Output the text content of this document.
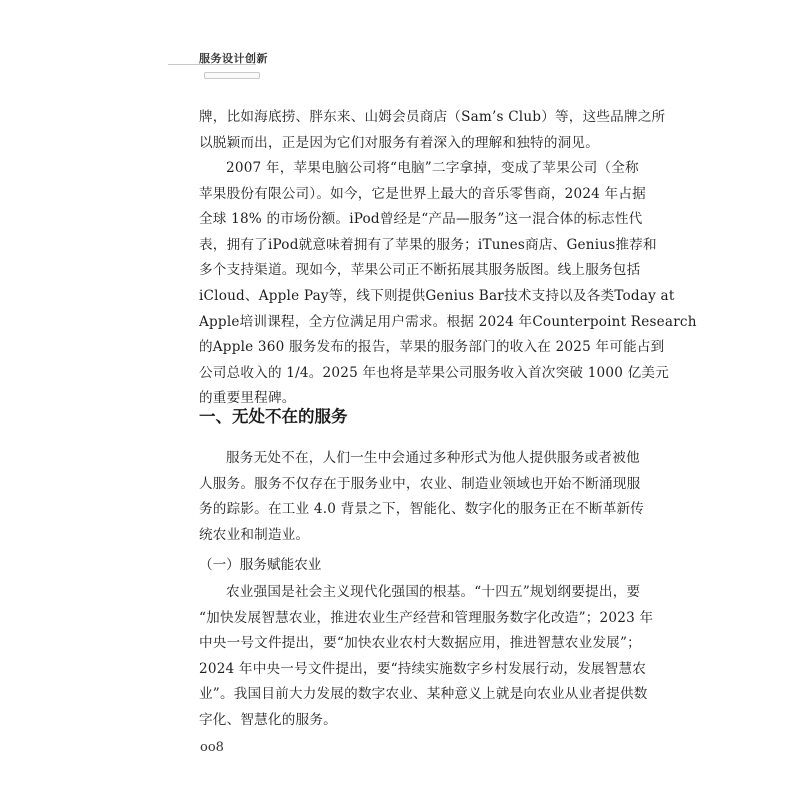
服务设计创新
牌，比如海底捞、胖东来、山姆会员商店（Sam’s Club）等，这些品牌之所
以脱颖而出，正是因为它们对服务有着深入的理解和独特的洞见。
2007 年，苹果电脑公司将“电脑”二字拿掉，变成了苹果公司（全称
苹果股份有限公司）。如今，它是世界上最大的音乐零售商，2024 年占据
全球 18% 的市场份额。iPod曾经是“产品—服务”这一混合体的标志性代
表，拥有了iPod就意味着拥有了苹果的服务；iTunes商店、Genius推荐和
多个支持渠道。现如今，苹果公司正不断拓展其服务版图。线上服务包括
iCloud、Apple Pay等，线下则提供Genius Bar技术支持以及各类Today at
Apple培训课程，全方位满足用户需求。根据 2024 年Counterpoint Research
的Apple 360 服务发布的报告，苹果的服务部门的收入在 2025 年可能占到
公司总收入的 1/4。2025 年也将是苹果公司服务收入首次突破 1000 亿美元
的重要里程碑。
一、无处不在的服务
服务无处不在，人们一生中会通过多种形式为他人提供服务或者被他
人服务。服务不仅存在于服务业中，农业、制造业领域也开始不断涌现服
务的踪影。在工业 4.0 背景之下，智能化、数字化的服务正在不断革新传
统农业和制造业。
（一）服务赋能农业
农业强国是社会主义现代化强国的根基。“十四五”规划纲要提出，要
“加快发展智慧农业，推进农业生产经营和管理服务数字化改造”；2023 年
中央一号文件提出，要“加快农业农村大数据应用，推进智慧农业发展”；
2024 年中央一号文件提出，要“持续实施数字乡村发展行动，发展智慧农
业”。我国目前大力发展的数字农业、某种意义上就是向农业从业者提供数
字化、智慧化的服务。
oo8
